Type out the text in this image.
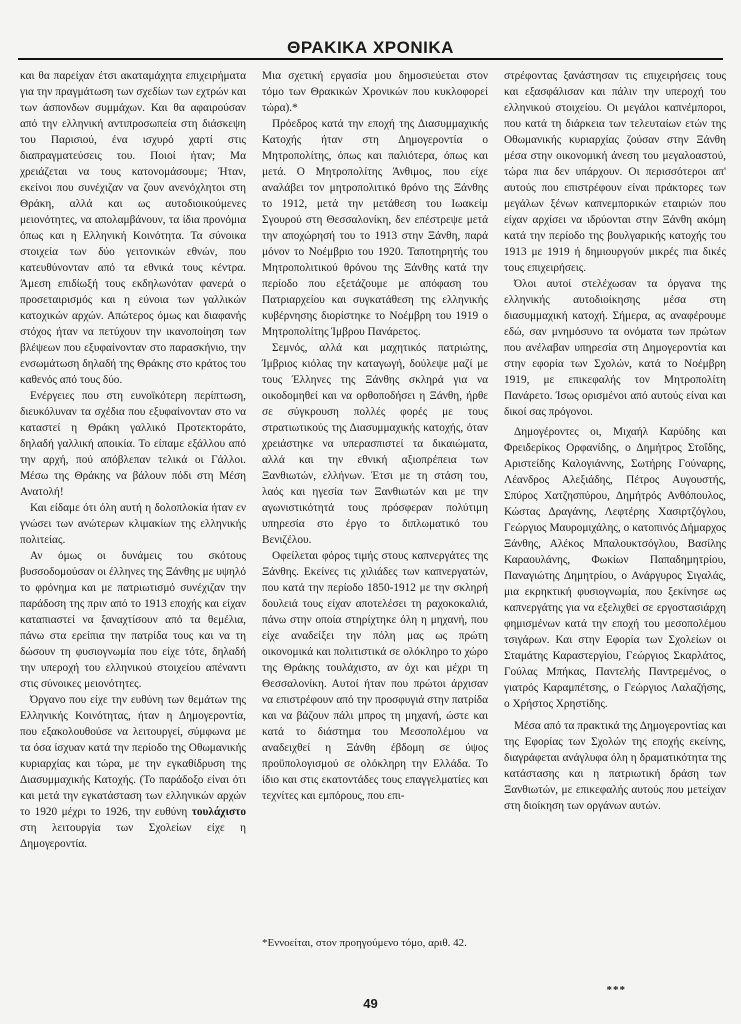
ΘΡΑΚΙΚΑ ΧΡΟΝΙΚΑ

και θα παρείχαν έτσι ακαταμάχητα επιχειρήματα για την πραγμάτωση των σχεδίων των εχτρών και των άσπονδων συμμάχων. Και θα αφαιρούσαν από την ελληνική αντιπροσωπεία στη διάσκεψη του Παρισιού, ένα ισχυρό χαρτί στις διαπραγματεύσεις του. Ποιοί ήταν; Μα χρειάζεται να τους κατονομάσουμε; Ήταν, εκείνοι που συνέχιζαν να ζουν ανενόχλητοι στη Θράκη, αλλά και ως αυτοδιοικούμενες μειονότητες, να απολαμβάνουν, τα ίδια προνόμια όπως και η Ελληνική Κοινότητα. Τα σύνοικα στοιχεία των δύο γειτονικών εθνών, που κατευθύνονταν από τα εθνικά τους κέντρα. Άμεση επιδίωξή τους εκδηλωνόταν φανερά ο προσεταιρισμός και η εύνοια των γαλλικών κατοχικών αρχών. Απώτερος όμως και διαφανής στόχος ήταν να πετύχουν την ικανοποίηση των βλέψεων που εξυφαίνονταν στο παρασκήνιο, την ενσωμάτωση δηλαδή της Θράκης στο κράτος του καθενός από τους δύο.

Ενέργειες που στη ευνοϊκότερη περίπτωση, διευκόλυναν τα σχέδια που εξυφαίνονταν στο να καταστεί η Θράκη γαλλικό Προτεκτοράτο, δηλαδή γαλλική αποικία. Το είπαμε εξάλλου από την αρχή, πού απόβλεπαν τελικά οι Γάλλοι. Μέσω της Θράκης να βάλουν πόδι στη Μέση Ανατολή!

Και είδαμε ότι όλη αυτή η δολοπλοκία ήταν εν γνώσει των ανώτερων κλιμακίων της ελληνικής πολιτείας.

Αν όμως οι δυνάμεις του σκότους βυσσοδομούσαν οι έλληνες της Ξάνθης με υψηλό το φρόνημα και με πατριωτισμό συνέχιζαν την παράδοση της πριν από το 1913 εποχής και είχαν καταπιαστεί να ξαναχτίσουν από τα θεμέλια, πάνω στα ερείπια την πατρίδα τους και να τη δώσουν τη φυσιογνωμία που είχε τότε, δηλαδή την υπεροχή του ελληνικού στοιχείου απέναντι στις σύνοικες μειονότητες.

Όργανο που είχε την ευθύνη των θεμάτων της Ελληνικής Κοινότητας, ήταν η Δημογεροντία, που εξακολουθούσε να λειτουργεί, σύμφωνα με τα όσα ίσχυαν κατά την περίοδο της Οθωμανικής κυριαρχίας και τώρα, με την εγκαθίδρυση της Διασυμμαχικής Κατοχής. (Το παράδοξο είναι ότι και μετά την εγκατάσταση των ελληνικών αρχών το 1920 μέχρι το 1926, την ευθύνη τουλάχιστο στη λειτουργία των Σχολείων είχε η Δημογεροντία.

Μια σχετική εργασία μου δημοσιεύεται στον τόμο των Θρακικών Χρονικών που κυκλοφορεί τώρα).*

Πρόεδρος κατά την εποχή της Διασυμμαχικής Κατοχής ήταν στη Δημογεροντία ο Μητροπολίτης, όπως και παλιότερα, όπως και μετά. Ο Μητροπολίτης Άνθιμος, που είχε αναλάβει τον μητροπολιτικό θρόνο της Ξάνθης το 1912, μετά την μετάθεση του Ιωακείμ Σγουρού στη Θεσσαλονίκη, δεν επέστρεψε μετά την αποχώρησή του το 1913 στην Ξάνθη, παρά μόνον το Νοέμβριο του 1920. Ταποτηρητής του Μητροπολιτικού θρόνου της Ξάνθης κατά την περίοδο που εξετάζουμε με απόφαση του Πατριαρχείου και συγκατάθεση της ελληνικής κυβέρνησης διορίστηκε το Νοέμβρη του 1919 ο Μητροπολίτης Ίμβρου Πανάρετος.

Σεμνός, αλλά και μαχητικός πατριώτης, Ίμβριος κιόλας την καταγωγή, δούλεψε μαζί με τους Έλληνες της Ξάνθης σκληρά για να οικοδομηθεί και να ορθοποδήσει η Ξάνθη, ήρθε σε σύγκρουση πολλές φορές με τους στρατιωτικούς της Διασυμμαχικής κατοχής, όταν χρειάστηκε να υπερασπιστεί τα δικαιώματα, αλλά και την εθνική αξιοπρέπεια των Ξανθιωτών, ελλήνων. Έτσι με τη στάση του, λαός και ηγεσία των Ξανθιωτών και με την αγωνιστικότητά τους πρόσφεραν πολύτιμη υπηρεσία στο έργο το διπλωματικό του Βενιζέλου.

Οφείλεται φόρος τιμής στους καπνεργάτες της Ξάνθης. Εκείνες τις χιλιάδες των καπνεργατών, που κατά την περίοδο 1850-1912 με την σκληρή δουλειά τους είχαν αποτελέσει τη ραχοκοκαλιά, πάνω στην οποία στηρίχτηκε όλη η μηχανή, που είχε αναδείξει την πόλη μας ως πρώτη οικονομικά και πολιτιστικά σε ολόκληρο το χώρο της Θράκης τουλάχιστο, αν όχι και μέχρι τη Θεσσαλονίκη. Αυτοί ήταν που πρώτοι άρχισαν να επιστρέφουν από την προσφυγιά στην πατρίδα και να βάζουν πάλι μπρος τη μηχανή, ώστε και κατά το διάστημα του Μεσοπολέμου να αναδειχθεί η Ξάνθη έβδομη σε ύψος προϋπολογισμού σε ολόκληρη την Ελλάδα. Το ίδιο και στις εκατοντάδες τους επαγγελματίες και τεχνίτες και εμπόρους, που επι-

*Εννοείται, στον προηγούμενο τόμο, αριθ. 42.

στρέφοντας ξανάστησαν τις επιχειρήσεις τους και εξασφάλισαν και πάλιν την υπεροχή του ελληνικού στοιχείου. Οι μεγάλοι καπνέμποροι, που κατά τη διάρκεια των τελευταίων ετών της Οθωμανικής κυριαρχίας ζούσαν στην Ξάνθη μέσα στην οικονομική άνεση του μεγαλοαστού, τώρα πια δεν υπάρχουν. Οι περισσότεροι απ' αυτούς που επιστρέφουν είναι πράκτορες των μεγάλων ξένων καπνεμπορικών εταιριών που είχαν αρχίσει να ιδρύονται στην Ξάνθη ακόμη κατά την περίοδο της βουλγαρικής κατοχής του 1913 με 1919 ή δημιουργούν μικρές πια δικές τους επιχειρήσεις.

Όλοι αυτοί στελέχωσαν τα όργανα της ελληνικής αυτοδιοίκησης μέσα στη διασυμμαχική κατοχή. Σήμερα, ας αναφέρουμε εδώ, σαν μνημόσυνο τα ονόματα των πρώτων που ανέλαβαν υπηρεσία στη Δημογεροντία και στην εφορία των Σχολών, κατά το Νοέμβρη 1919, με επικεφαλής τον Μητροπολίτη Πανάρετο. Ίσως ορισμένοι από αυτούς είναι και δικοί σας πρόγονοι.

Δημογέροντες οι, Μιχαήλ Καρύδης και Φρειδερίκος Ορφανίδης, ο Δημήτρος Στοΐδης, Αριστείδης Καλογιάννης, Σωτήρης Γούναρης, Λέανδρος Αλεξιάδης, Πέτρος Αυγουστής, Σπύρος Χατζησπύρου, Δημήτρός Ανθόπουλος, Κώστας Δραγάνης, Λεφτέρης Χασιρτζόγλου, Γεώργιος Μαυρομιχάλης, ο κατοπινός Δήμαρχος Ξάνθης, Αλέκος Μπαλουκτσόγλου, Βασίλης Καραουλάνης, Φωκίων Παπαδημητρίου, Παναγιώτης Δημητρίου, ο Ανάργυρος Σιγαλάς, μια εκρηκτική φυσιογνωμία, που ξεκίνησε ως καπνεργάτης για να εξελιχθεί σε εργοστασιάρχη φημισμένων κατά την εποχή του μεσοπολέμου τσιγάρων. Και στην Εφορία των Σχολείων οι Σταμάτης Καραστεργίου, Γεώργιος Σκαρλάτος, Γούλας Μπήκας, Παντελής Παντρεμένος, ο γιατρός Καραμπέτσης, ο Γεώργιος Λαλαζήσης, ο Χρήστος Χρηστίδης.

Μέσα από τα πρακτικά της Δημογεροντίας και της Εφορίας των Σχολών της εποχής εκείνης, διαγράφεται ανάγλυφα όλη η δραματικότητα της κατάστασης και η πατριωτική δράση των Ξανθιωτών, με επικεφαλής αυτούς που μετείχαν στη διοίκηση των οργάνων αυτών.

***
49
